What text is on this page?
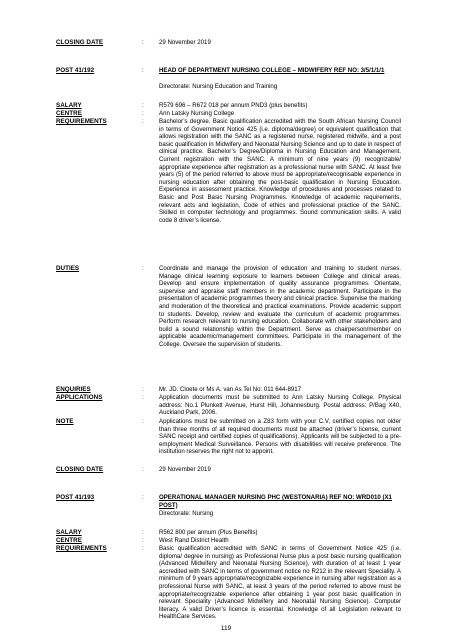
CLOSING DATE	:	29 November 2019
POST 41/192	:	HEAD OF DEPARTMENT NURSING COLLEGE – MIDWIFERY REF NO: 3/5/1/1/1
Directorate: Nursing Education and Training
SALARY	:	R579 696 – R672 018 per annum PND3 (plus benefits)
CENTRE	:	Ann Latsky Nursing College
REQUIREMENTS	:	Bachelor’s degree. Basic qualification accredited with the South African Nursing Council in terms of Government Notice 425 (i.e. diploma/degree) or equivalent qualification that allows registration with the SANC as a registered nurse, registered midwife, and a post basic qualification in Midwifery and Neonatal Nursing Science and up to date in respect of clinical practice. Bachelor’s Degree/Diploma in Nursing Education and Management. Current registration with the SANC. A minimum of nine years (9) recognizable/ appropriate experience after registration as a professional nurse with SANC. At least five years (5) of the period referred to above must be appropriate/recognisable experience in nursing education after obtaining the post-basic qualification in Nursing Education. Experience in assessment practice. Knowledge of procedures and processes related to Basic and Post Basic Nursing Programmes. Knowledge of academic requirements, relevant acts and legislation, Code of ethics and professional practice of the SANC. Skilled in computer technology and programmes. Sound communication skills. A valid code 8 driver’s license.
DUTIES	:	Coordinate and manage the provision of education and training to student nurses. Manage clinical learning exposure to learners between College and clinical areas. Develop and ensure implementation of quality assurance programmes. Orientate, supervise and appraise staff members in the academic department. Participate in the presentation of academic programmes theory and clinical practice. Supervise the marking and moderation of the theoretical and practical examinations. Provide academic support to students. Develop, review and evaluate the curriculum of academic programmes. Perform research relevant to nursing education. Collaborate with other stakeholders and build a sound relationship within the Department. Serve as chairperson/member on applicable academic/management committees. Participate in the management of the College. Oversee the supervision of students.
ENQUIRIES	:	Mr. JD. Cloete or Ms A. van As Tel No: 011 644-8917
APPLICATIONS	:	Application documents must be submitted to Ann Latsky Nursing College. Physical address: No.1 Plunkett Avenue, Hurst Hill, Johannesburg. Postal address: P/Bag X40, Auckland Park, 2006.
NOTE	:	Applications must be submitted on a Z83 form with your C.V, certified copies not older than three months of all required documents must be attached (driver’s license, current SANC receipt and certified copies of qualifications). Applicants will be subjected to a pre-employment Medical Surveillance. Persons with disabilities will receive preference. The institution reserves the right not to appoint.
CLOSING DATE	:	29 November 2019
POST 41/193	:	OPERATIONAL MANAGER NURSING PHC (WESTONARIA) REF NO: WRD010 (X1 POST)
Directorate: Nursing
SALARY	:	R562 800 per annum (Plus Benefits)
CENTRE	:	West Rand District Health
REQUIREMENTS	:	Basic qualification accredited with SANC in terms of Government Notice 425 (i.e. diploma/ degree in nursing) as Professional Nurse plus a post basic nursing qualification (Advanced Midwifery and Neonatal Nursing Science), with duration of at least 1 year accredited with SANC in terms of government notice no R212 in the relevant Speciality. A minimum of 9 years appropriate/recognizable experience in nursing after registration as a professional Nurse with SANC, at least 3 years of the period referred to above must be appropriate/recognizable experience after obtaining 1 year post basic qualification in relevant Speciality (Advanced Midwifery and Neonatal Nursing Science). Computer literacy. A valid Driver’s licence is essential. Knowledge of all Legislation relevant to HealthCare Services.
119
